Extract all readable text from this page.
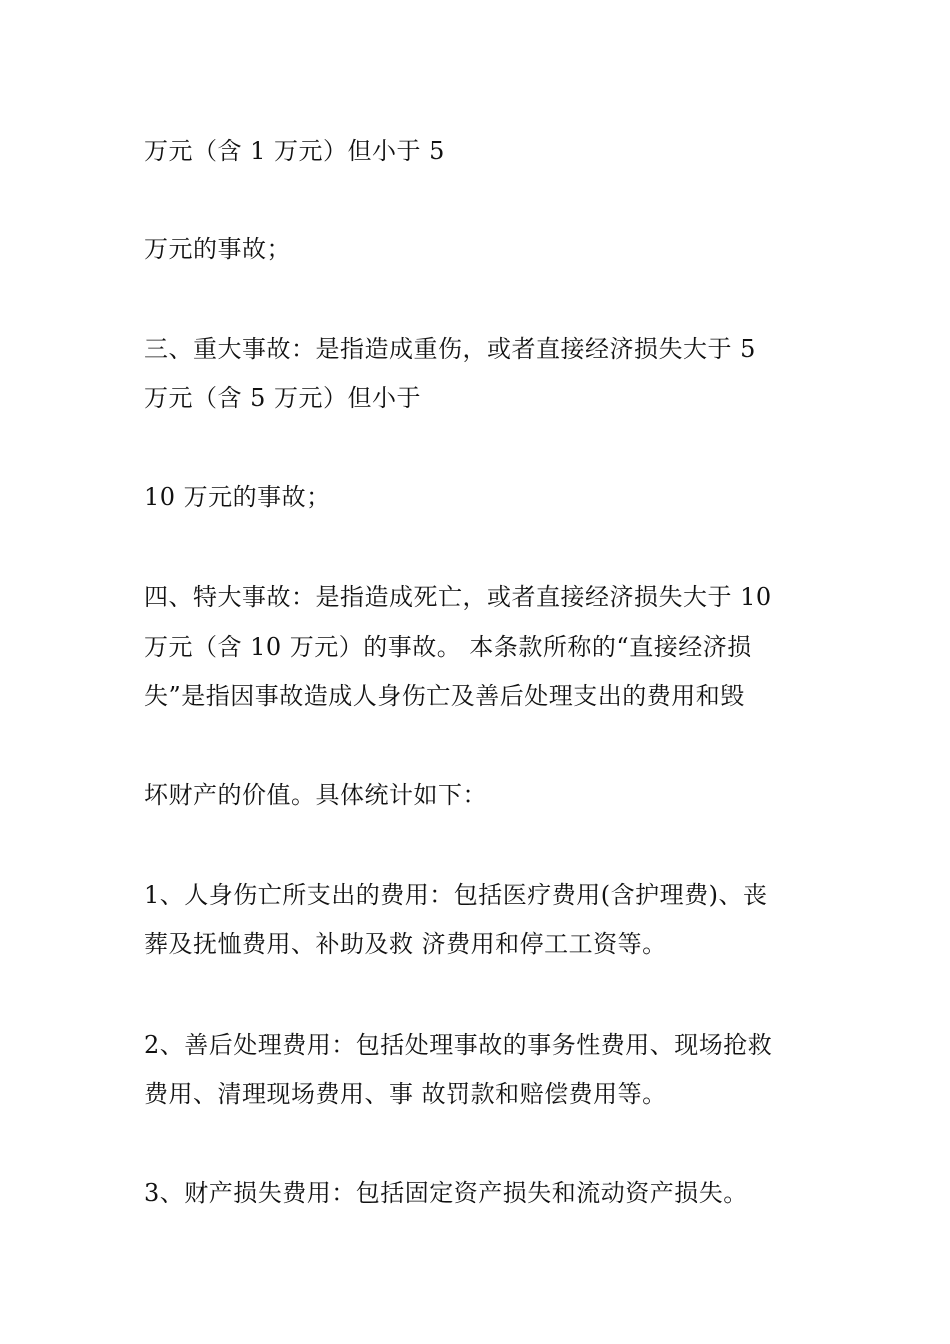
万元（含 1 万元）但小于 5
万元的事故；
三、重大事故：是指造成重伤，或者直接经济损失大于 5
万元（含 5 万元）但小于
10 万元的事故；
四、特大事故：是指造成死亡，或者直接经济损失大于 10
万元（含 10 万元）的事故。 本条款所称的“直接经济损
失”是指因事故造成人身伤亡及善后处理支出的费用和毁
坏财产的价值。具体统计如下：
1、人身伤亡所支出的费用：包括医疗费用(含护理费)、丧
葬及抚恤费用、补助及救 济费用和停工工资等。
2、善后处理费用：包括处理事故的事务性费用、现场抢救
费用、清理现场费用、事 故罚款和赔偿费用等。
3、财产损失费用：包括固定资产损失和流动资产损失。
